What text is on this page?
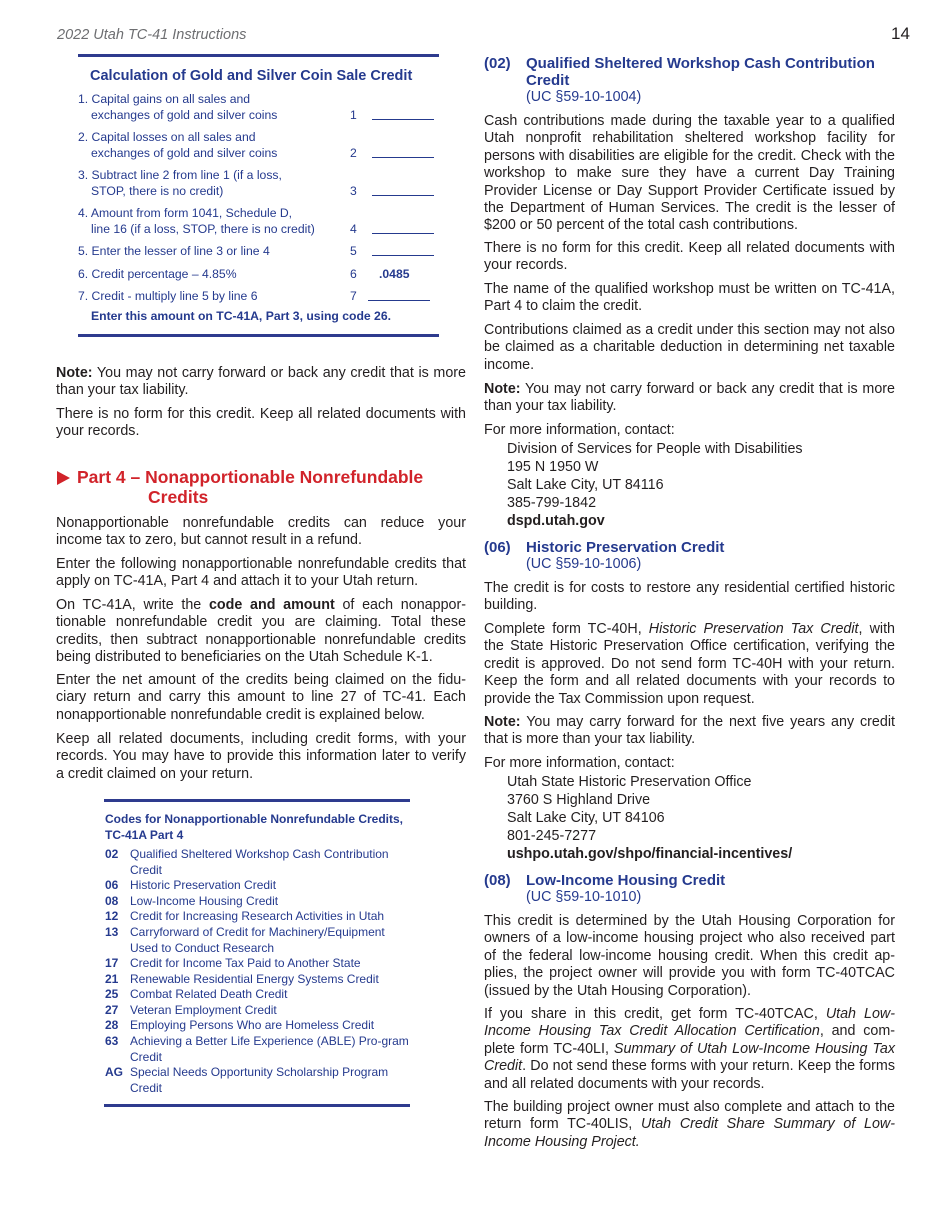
2022 Utah TC-41 Instructions	14
Calculation of Gold and Silver Coin Sale Credit
1. Capital gains on all sales and
exchanges of gold and silver coins	1
2. Capital losses on all sales and
exchanges of gold and silver coins	2
3. Subtract line 2 from line 1 (if a loss,
STOP, there is no credit)	3
4. Amount from form 1041, Schedule D,
line 16 (if a loss, STOP, there is no credit)	4
5. Enter the lesser of line 3 or line 4	5
6. Credit percentage – 4.85%	6	.0485
7. Credit - multiply line 5 by line 6	7
Enter this amount on TC-41A, Part 3, using code 26.
Note: You may not carry forward or back any credit that is more than your tax liability.
There is no form for this credit. Keep all related documents with your records.
Part 4 – Nonapportionable Nonrefundable
Credits
Nonapportionable nonrefundable credits can reduce your income tax to zero, but cannot result in a refund.
Enter the following nonapportionable nonrefundable credits that apply on TC-41A, Part 4 and attach it to your Utah return.
On TC-41A, write the code and amount of each nonappor-tionable nonrefundable credit you are claiming. Total these credits, then subtract nonapportionable nonrefundable credits being distributed to beneficiaries on the Utah Schedule K-1.
Enter the net amount of the credits being claimed on the fidu-ciary return and carry this amount to line 27 of TC-41. Each nonapportionable nonrefundable credit is explained below.
Keep all related documents, including credit forms, with your records. You may have to provide this information later to verify a credit claimed on your return.
Codes for Nonapportionable Nonrefundable Credits,
TC-41A Part 4
02 Qualified Sheltered Workshop Cash Contribution Credit
06 Historic Preservation Credit
08 Low-Income Housing Credit
12 Credit for Increasing Research Activities in Utah
13 Carryforward of Credit for Machinery/Equipment Used to Conduct Research
17 Credit for Income Tax Paid to Another State
21 Renewable Residential Energy Systems Credit
25 Combat Related Death Credit
27 Veteran Employment Credit
28 Employing Persons Who are Homeless Credit
63 Achieving a Better Life Experience (ABLE) Pro-gram Credit
AG Special Needs Opportunity Scholarship Program Credit
(02) Qualified Sheltered Workshop Cash Contribution
Credit
(UC §59-10-1004)
Cash contributions made during the taxable year to a qualified Utah nonprofit rehabilitation sheltered workshop facility for persons with disabilities are eligible for the credit. Check with the workshop to make sure they have a current Day Training Provider License or Day Support Provider Certificate issued by the Department of Human Services. The credit is the lesser of $200 or 50 percent of the total cash contributions.
There is no form for this credit. Keep all related documents with your records.
The name of the qualified workshop must be written on TC-41A, Part 4 to claim the credit.
Contributions claimed as a credit under this section may not also be claimed as a charitable deduction in determining net taxable income.
Note: You may not carry forward or back any credit that is more than your tax liability.
For more information, contact:
Division of Services for People with Disabilities
195 N 1950 W
Salt Lake City, UT 84116
385-799-1842
dspd.utah.gov
(06) Historic Preservation Credit
(UC §59-10-1006)
The credit is for costs to restore any residential certified historic building.
Complete form TC-40H, Historic Preservation Tax Credit, with the State Historic Preservation Office certification, verifying the credit is approved. Do not send form TC-40H with your return. Keep the form and all related documents with your records to provide the Tax Commission upon request.
Note: You may carry forward for the next five years any credit that is more than your tax liability.
For more information, contact:
Utah State Historic Preservation Office
3760 S Highland Drive
Salt Lake City, UT 84106
801-245-7277
ushpo.utah.gov/shpo/financial-incentives/
(08) Low-Income Housing Credit
(UC §59-10-1010)
This credit is determined by the Utah Housing Corporation for owners of a low-income housing project who also received part of the federal low-income housing credit. When this credit ap-plies, the project owner will provide you with form TC-40TCAC (issued by the Utah Housing Corporation).
If you share in this credit, get form TC-40TCAC, Utah Low-Income Housing Tax Credit Allocation Certification, and com-plete form TC-40LI, Summary of Utah Low-Income Housing Tax Credit. Do not send these forms with your return. Keep the forms and all related documents with your records.
The building project owner must also complete and attach to the return form TC-40LIS, Utah Credit Share Summary of Low-Income Housing Project.
